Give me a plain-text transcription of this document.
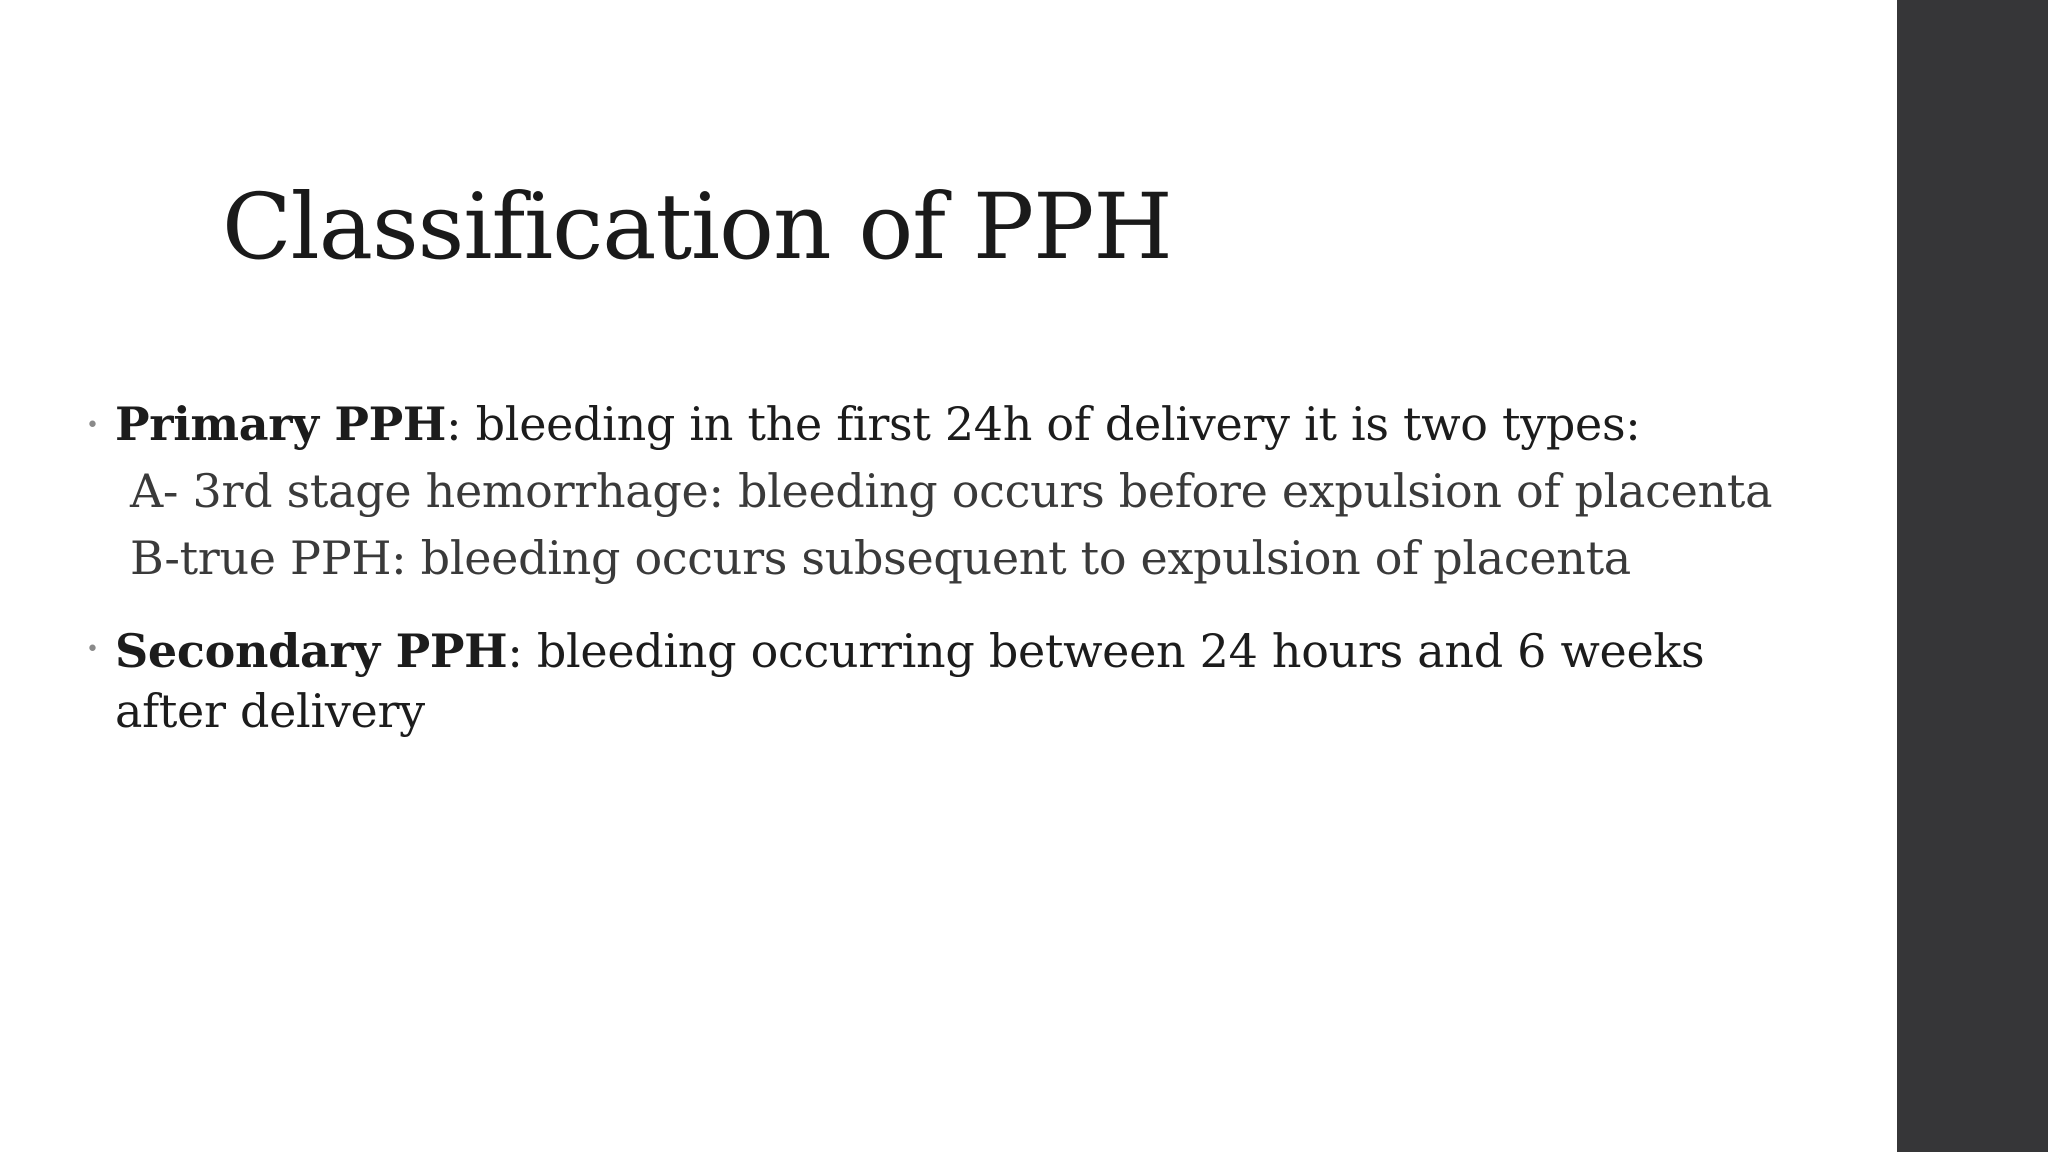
Classification of PPH
• Primary PPH: bleeding in the first 24h of delivery it is two types:
A- 3rd stage hemorrhage: bleeding occurs before expulsion of placenta
B-true PPH: bleeding occurs subsequent to expulsion of placenta
• Secondary PPH: bleeding occurring between 24 hours and 6 weeks
after delivery
